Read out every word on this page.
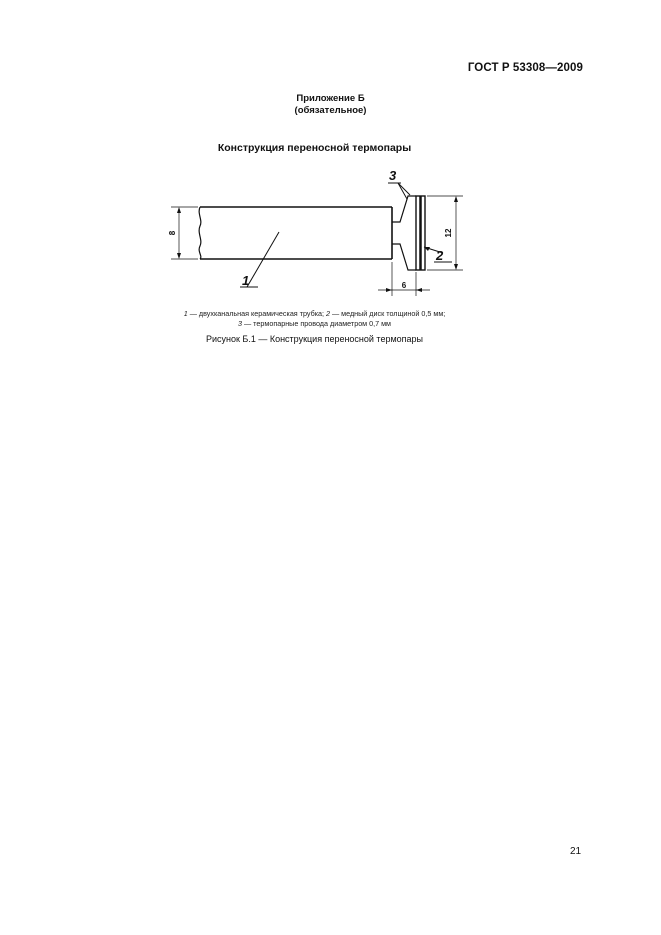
ГОСТ Р 53308—2009
Приложение Б
(обязательное)
Конструкция переносной термопары
8	12
6
1
2
3
1 — двухканальная керамическая трубка; 2 — медный диск толщиной 0,5 мм;
3 — термопарные провода диаметром 0,7 мм
Рисунок Б.1 — Конструкция переносной термопары
21
